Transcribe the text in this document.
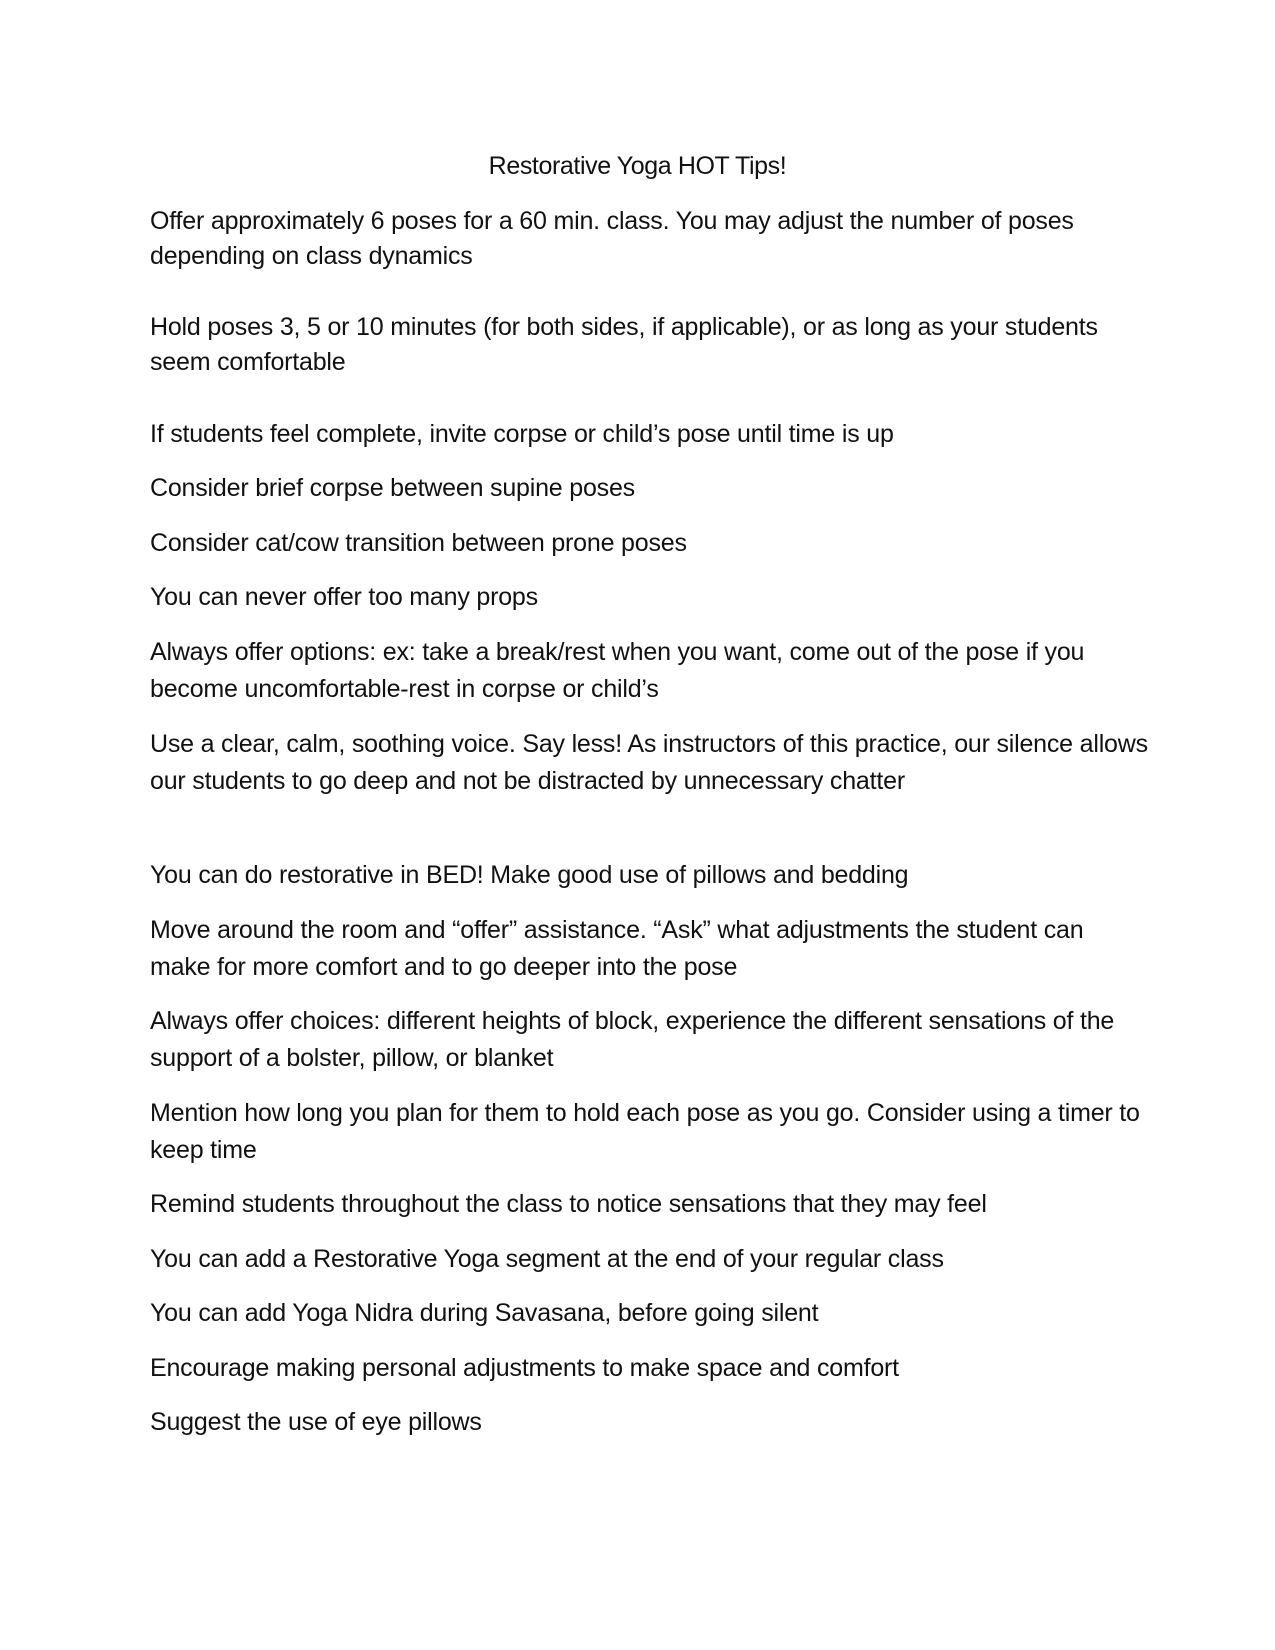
Restorative Yoga HOT Tips!

Offer approximately 6 poses for a 60 min. class. You may adjust the number of poses depending on class dynamics

Hold poses 3, 5 or 10 minutes (for both sides, if applicable), or as long as your students seem comfortable

If students feel complete, invite corpse or child’s pose until time is up

Consider brief corpse between supine poses

Consider cat/cow transition between prone poses

You can never offer too many props

Always offer options: ex: take a break/rest when you want, come out of the pose if you become uncomfortable-rest in corpse or child’s

Use a clear, calm, soothing voice. Say less! As instructors of this practice, our silence allows our students to go deep and not be distracted by unnecessary chatter

You can do restorative in BED! Make good use of pillows and bedding

Move around the room and “offer” assistance. “Ask” what adjustments the student can make for more comfort and to go deeper into the pose

Always offer choices: different heights of block, experience the different sensations of the support of a bolster, pillow, or blanket

Mention how long you plan for them to hold each pose as you go. Consider using a timer to keep time

Remind students throughout the class to notice sensations that they may feel

You can add a Restorative Yoga segment at the end of your regular class

You can add Yoga Nidra during Savasana, before going silent

Encourage making personal adjustments to make space and comfort

Suggest the use of eye pillows
